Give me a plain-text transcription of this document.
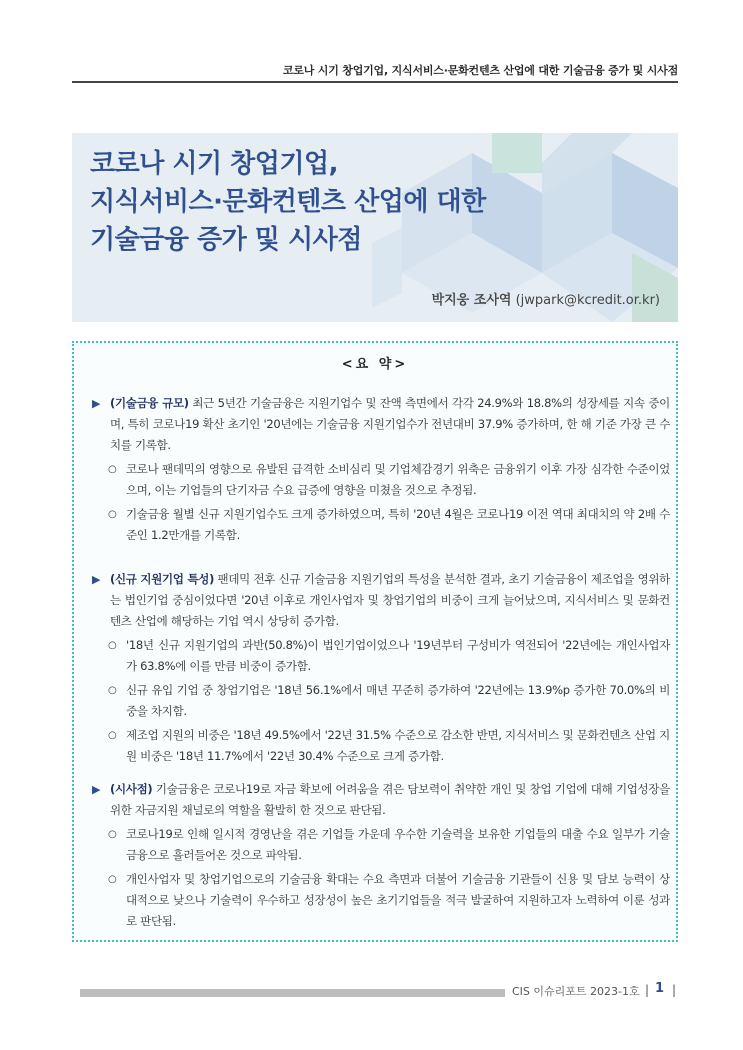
코로나 시기 창업기업, 지식서비스·문화컨텐츠 산업에 대한 기술금융 증가 및 시사점
코로나 시기 창업기업,
지식서비스·문화컨텐츠 산업에 대한
기술금융 증가 및 시사점
박지웅 조사역 (jwpark@kcredit.or.kr)
<요 약>
▶ (기술금융 규모) 최근 5년간 기술금융은 지원기업수 및 잔액 측면에서 각각 24.9%와 18.8%의 성장세를 지속 중이며, 특히 코로나19 확산 초기인 '20년에는 기술금융 지원기업수가 전년대비 37.9% 증가하며, 한 해 기준 가장 큰 수치를 기록함.
○ 코로나 팬데믹의 영향으로 유발된 급격한 소비심리 및 기업체감경기 위축은 금융위기 이후 가장 심각한 수준이었으며, 이는 기업들의 단기자금 수요 급증에 영향을 미쳤을 것으로 추정됨.
○ 기술금융 월별 신규 지원기업수도 크게 증가하였으며, 특히 '20년 4월은 코로나19 이전 역대 최대치의 약 2배 수준인 1.2만개를 기록함.
▶ (신규 지원기업 특성) 팬데믹 전후 신규 기술금융 지원기업의 특성을 분석한 결과, 초기 기술금융이 제조업을 영위하는 법인기업 중심이었다면 '20년 이후로 개인사업자 및 창업기업의 비중이 크게 늘어났으며, 지식서비스 및 문화컨텐츠 산업에 해당하는 기업 역시 상당히 증가함.
○ '18년 신규 지원기업의 과반(50.8%)이 법인기업이었으나 '19년부터 구성비가 역전되어 '22년에는 개인사업자가 63.8%에 이를 만큼 비중이 증가함.
○ 신규 유입 기업 중 창업기업은 '18년 56.1%에서 매년 꾸준히 증가하여 '22년에는 13.9%p 증가한 70.0%의 비중을 차지함.
○ 제조업 지원의 비중은 '18년 49.5%에서 '22년 31.5% 수준으로 감소한 반면, 지식서비스 및 문화컨텐츠 산업 지원 비중은 '18년 11.7%에서 '22년 30.4% 수준으로 크게 증가함.
▶ (시사점) 기술금융은 코로나19로 자금 확보에 어려움을 겪은 담보력이 취약한 개인 및 창업 기업에 대해 기업성장을 위한 자금지원 채널로의 역할을 활발히 한 것으로 판단됨.
○ 코로나19로 인해 일시적 경영난을 겪은 기업들 가운데 우수한 기술력을 보유한 기업들의 대출 수요 일부가 기술금융으로 흘러들어온 것으로 파악됨.
○ 개인사업자 및 창업기업으로의 기술금융 확대는 수요 측면과 더불어 기술금융 기관들이 신용 및 담보 능력이 상대적으로 낮으나 기술력이 우수하고 성장성이 높은 초기기업들을 적극 발굴하여 지원하고자 노력하여 이룬 성과로 판단됨.
CIS 이슈리포트 2023-1호 | 1 |
